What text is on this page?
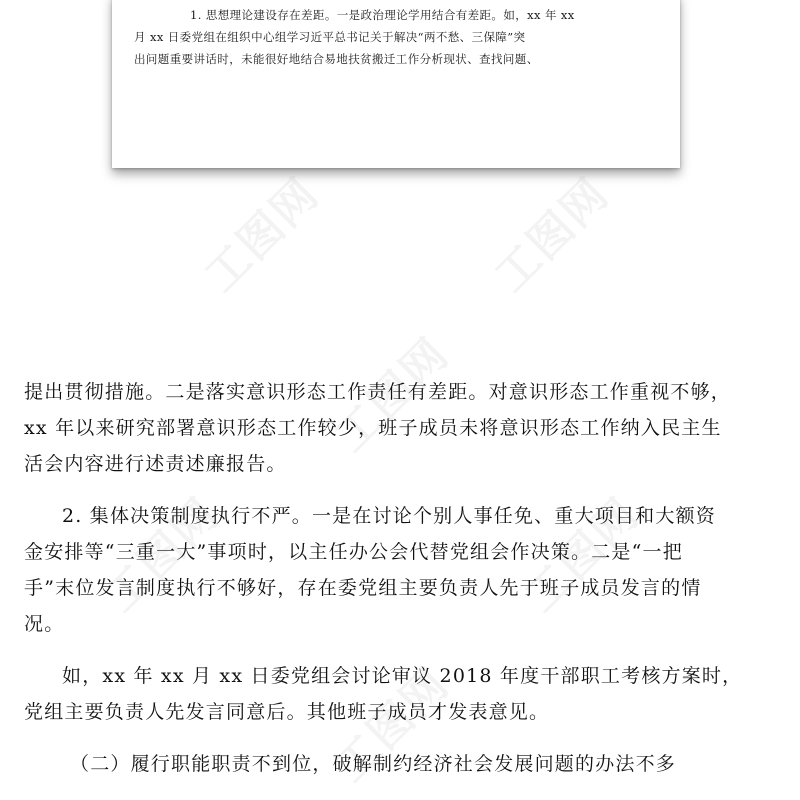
工图网	工图网
工图网
工图网	工图网
工图网
1. 思想理论建设存在差距。一是政治理论学用结合有差距。如，xx 年 xx
月 xx 日委党组在组织中心组学习近平总书记关于解决“两不愁、三保障”突
出问题重要讲话时，未能很好地结合易地扶贫搬迁工作分析现状、查找问题、
提出贯彻措施。二是落实意识形态工作责任有差距。对意识形态工作重视不够，
xx 年以来研究部署意识形态工作较少，班子成员未将意识形态工作纳入民主生
活会内容进行述责述廉报告。
2. 集体决策制度执行不严。一是在讨论个别人事任免、重大项目和大额资
金安排等“三重一大”事项时，以主任办公会代替党组会作决策。二是“一把
手”末位发言制度执行不够好，存在委党组主要负责人先于班子成员发言的情
况。
如，xx 年 xx 月 xx 日委党组会讨论审议 2018 年度干部职工考核方案时，
党组主要负责人先发言同意后。其他班子成员才发表意见。
（二）履行职能职责不到位，破解制约经济社会发展问题的办法不多
